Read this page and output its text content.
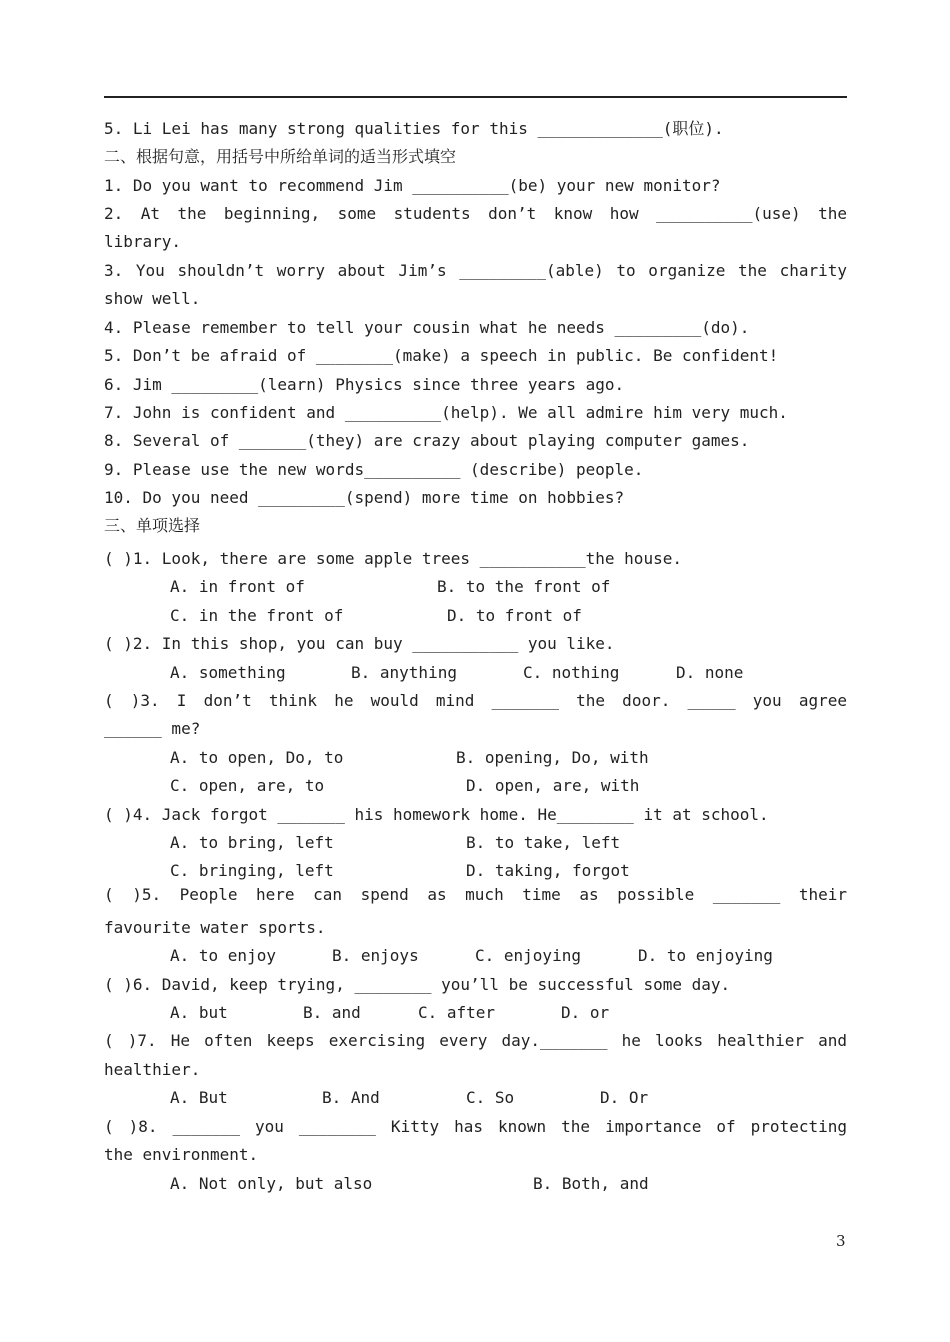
5. Li Lei has many strong qualities for this _____________(职位).
二、根据句意，用括号中所给单词的适当形式填空
1. Do you want to recommend Jim __________(be) your new monitor?
2. At the beginning, some students don’t know how __________(use) the
library.
3. You shouldn’t worry about Jim’s _________(able) to organize the charity
show well.
4. Please remember to tell your cousin what he needs _________(do).
5. Don’t be afraid of ________(make) a speech in public. Be confident!
6. Jim _________(learn) Physics since three years ago.
7. John is confident and __________(help). We all admire him very much.
8. Several of _______(they) are crazy about playing computer games.
9. Please use the new words__________ (describe) people.
10. Do you need _________(spend) more time on hobbies?
三、单项选择
( )1. Look, there are some apple trees ___________the house.
A. in front of	B. to the front of
C. in the front of	D. to front of
( )2. In this shop, you can buy ___________ you like.
A. something	B. anything	C. nothing	D. none
( )3. I don’t think he would mind _______ the door. _____ you agree
______ me?
A. to open, Do, to	B. opening, Do, with
C. open, are, to	D. open, are, with
( )4. Jack forgot _______ his homework home. He________ it at school.
A. to bring, left	B. to take, left
C. bringing, left	D. taking, forgot
( )5. People here can spend as much time as possible _______ their
favourite water sports.
A. to enjoy	B. enjoys	C. enjoying	D. to enjoying
( )6. David, keep trying, ________ you’ll be successful some day.
A. but	B. and	C. after	D. or
( )7. He often keeps exercising every day._______ he looks healthier and
healthier.
A. But	B. And	C. So	D. Or
( )8. _______ you ________ Kitty has known the importance of protecting
the environment.
A. Not only, but also	B. Both, and
3
